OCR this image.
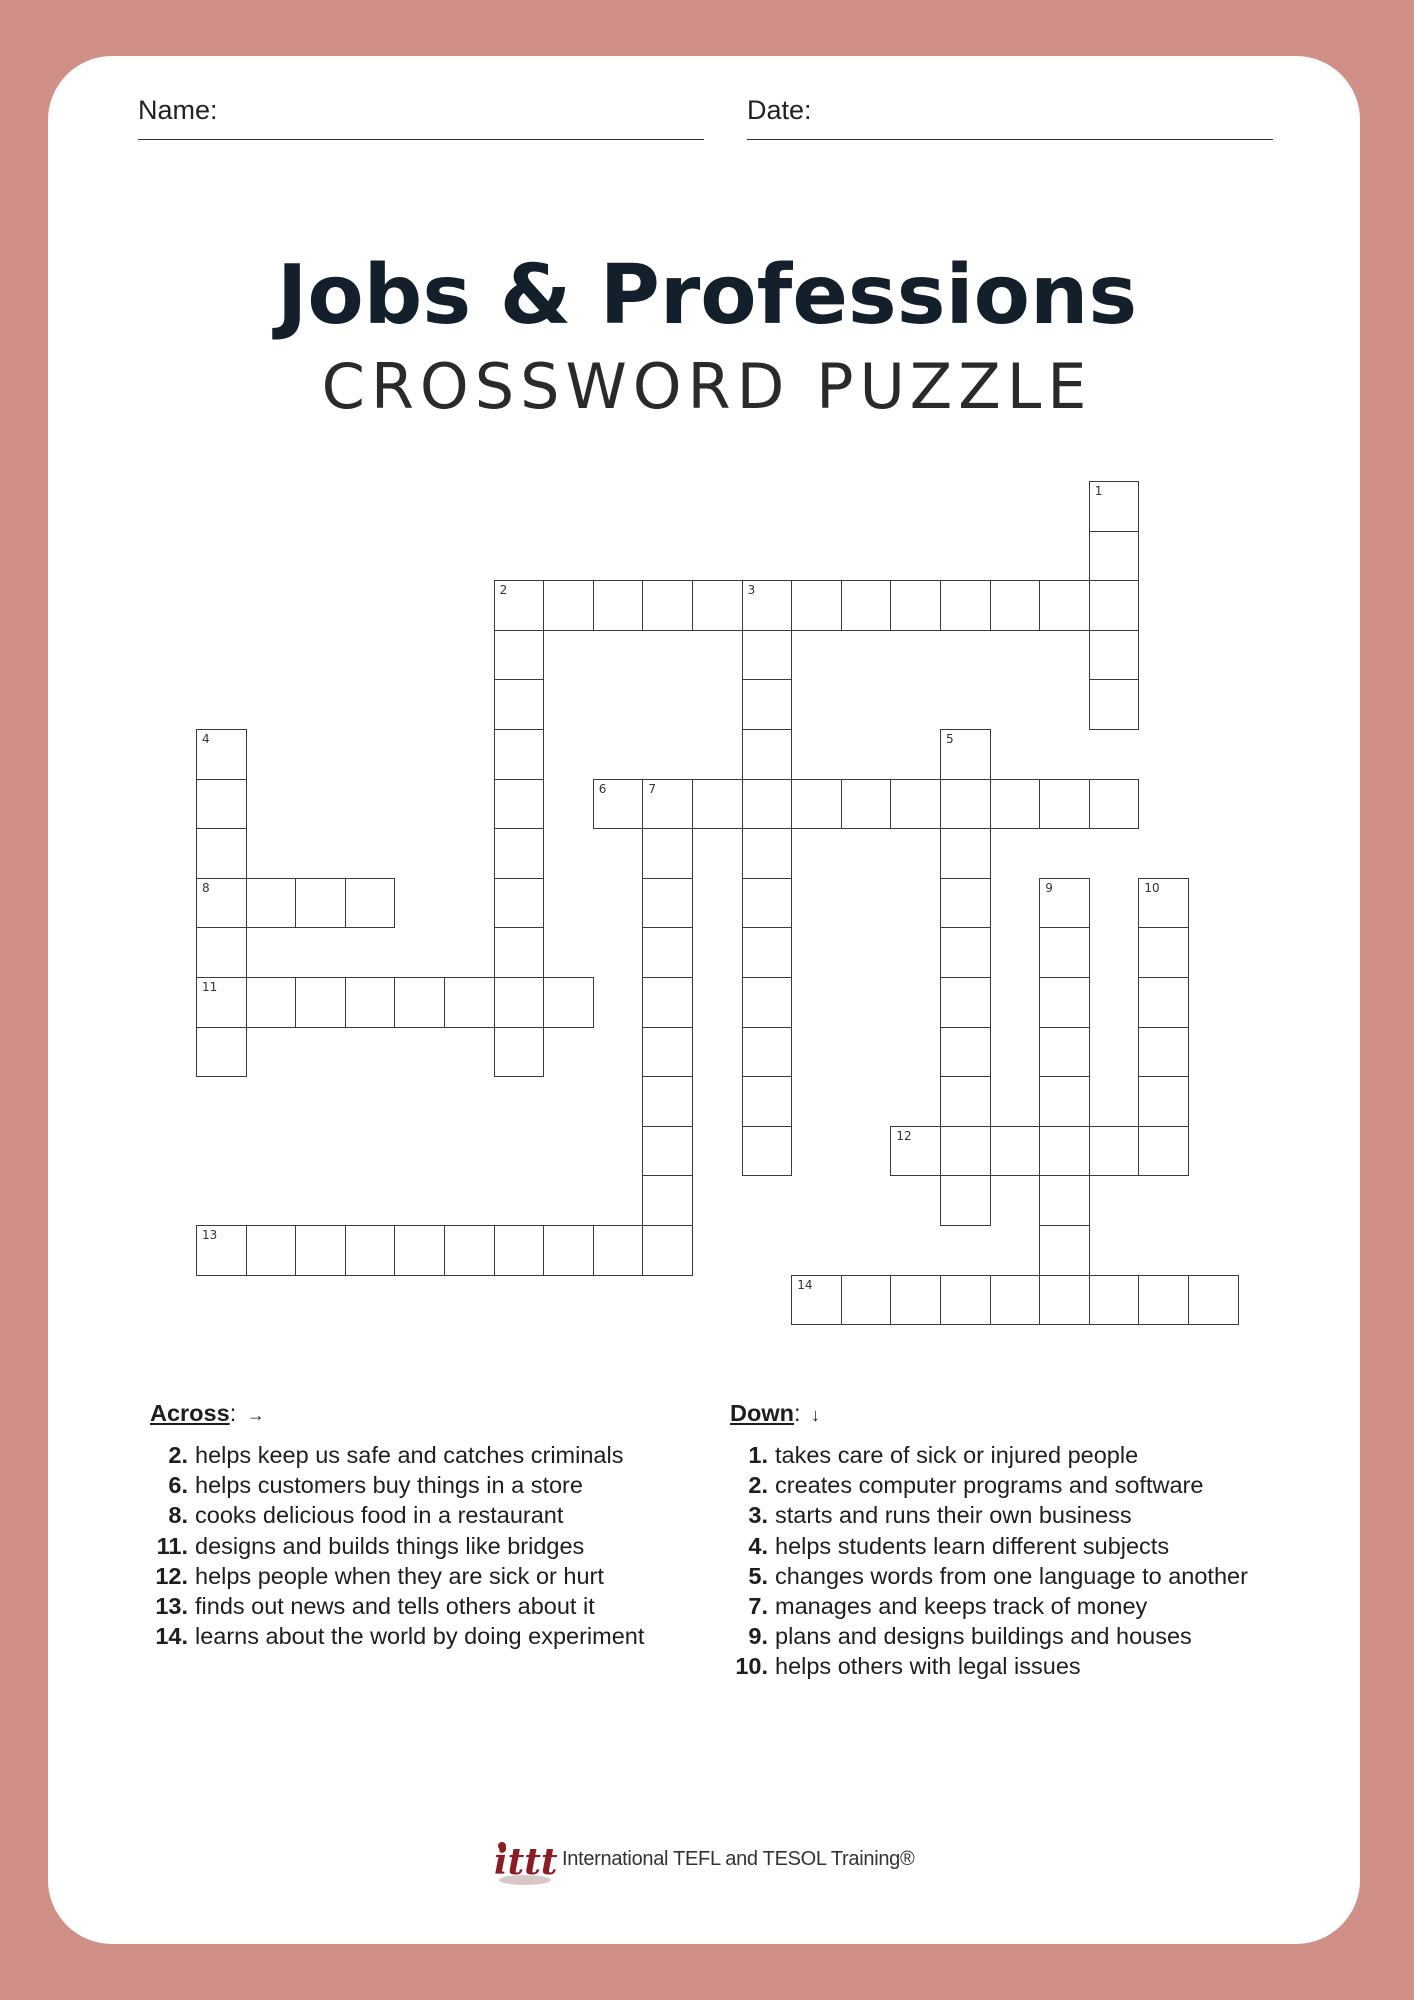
Name:	Date:
Jobs & Professions
CROSSWORD PUZZLE
2	3
6	7
8
11
12
13
14
1
4	5
9	10
Across: →
2. helps keep us safe and catches criminals
6. helps customers buy things in a store
8. cooks delicious food in a restaurant
11. designs and builds things like bridges
12. helps people when they are sick or hurt
13. finds out news and tells others about it
14. learns about the world by doing experiment
Down: ↓
1. takes care of sick or injured people
2. creates computer programs and software
3. starts and runs their own business
4. helps students learn different subjects
5. changes words from one language to another
7. manages and keeps track of money
9. plans and designs buildings and houses
10. helps others with legal issues
ittt International TEFL and TESOL Training®
